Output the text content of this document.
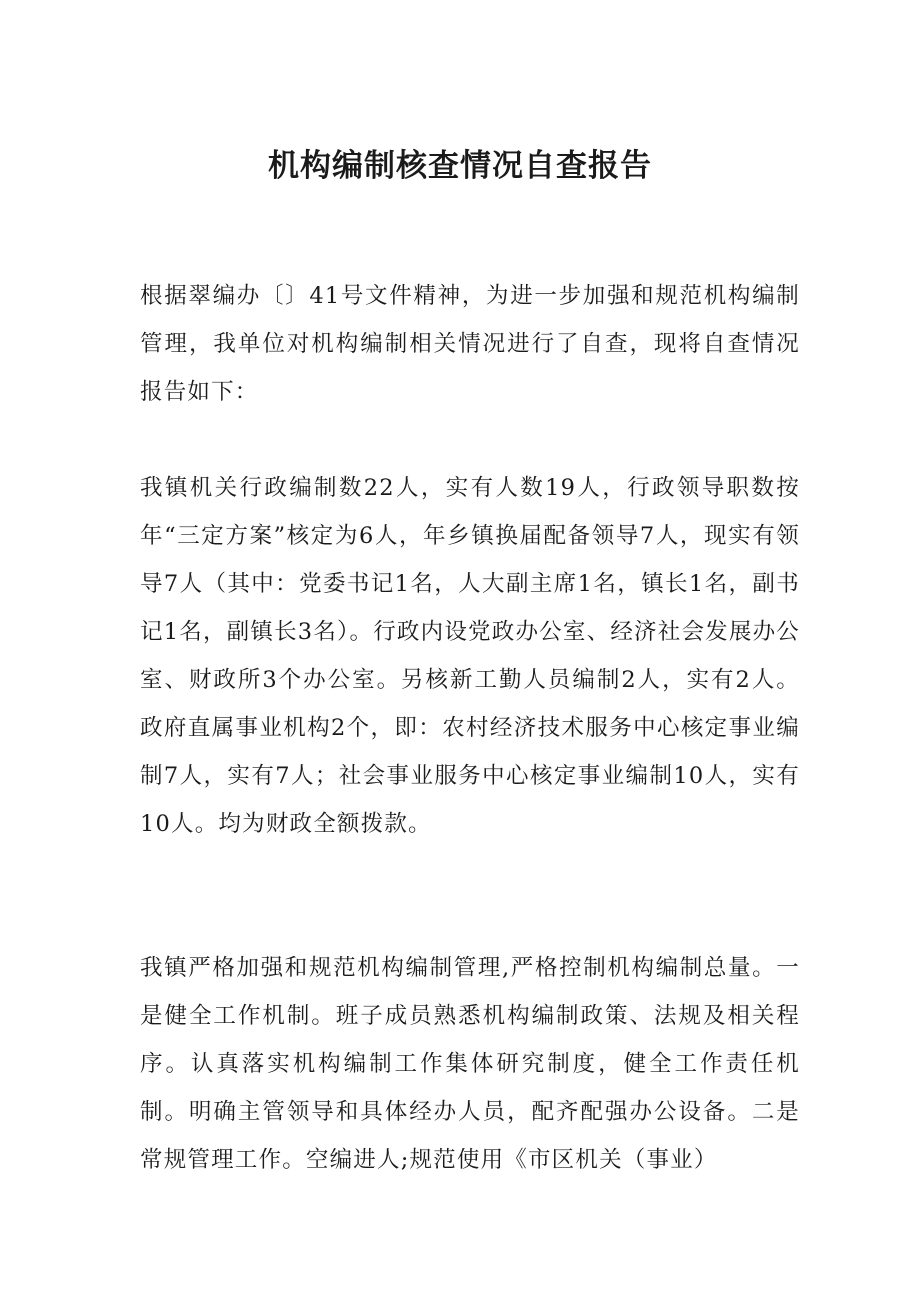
机构编制核查情况自查报告

根据翠编办〔〕41号文件精神，为进一步加强和规范机构编制管理，我单位对机构编制相关情况进行了自查，现将自查情况报告如下：

我镇机关行政编制数22人，实有人数19人，行政领导职数按年“三定方案”核定为6人，年乡镇换届配备领导7人，现实有领导7人（其中：党委书记1名，人大副主席1名，镇长1名，副书记1名，副镇长3名）。行政内设党政办公室、经济社会发展办公室、财政所3个办公室。另核新工勤人员编制2人，实有2人。政府直属事业机构2个，即：农村经济技术服务中心核定事业编制7人，实有7人；社会事业服务中心核定事业编制10人，实有10人。均为财政全额拨款。

我镇严格加强和规范机构编制管理,严格控制机构编制总量。一是健全工作机制。班子成员熟悉机构编制政策、法规及相关程序。认真落实机构编制工作集体研究制度，健全工作责任机制。明确主管领导和具体经办人员，配齐配强办公设备。二是常规管理工作。空编进人;规范使用《市区机关（事业）
